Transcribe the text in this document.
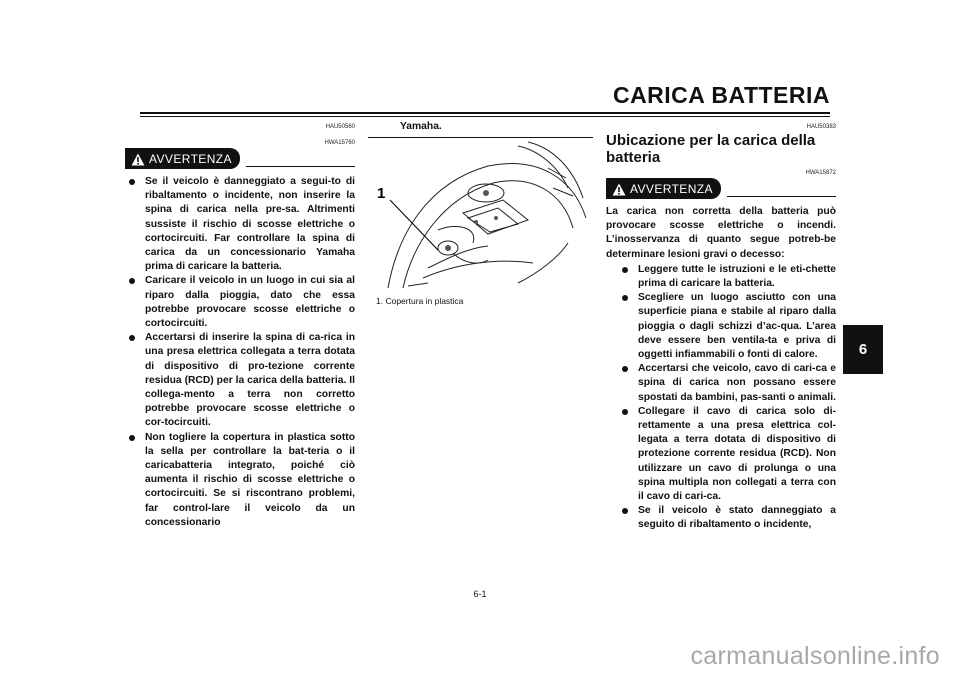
CARICA BATTERIA
6
HAU50560
HWA15760
AVVERTENZA
Se il veicolo è danneggiato a segui-to di ribaltamento o incidente, non inserire la spina di carica nella pre-sa. Altrimenti sussiste il rischio di scosse elettriche o cortocircuiti. Far controllare la spina di carica da un concessionario Yamaha prima di caricare la batteria.
Caricare il veicolo in un luogo in cui sia al riparo dalla pioggia, dato che essa potrebbe provocare scosse elettriche o cortocircuiti.
Accertarsi di inserire la spina di ca-rica in una presa elettrica collegata a terra dotata di dispositivo di pro-tezione corrente residua (RCD) per la carica della batteria. Il collega-mento a terra non corretto potrebbe provocare scosse elettriche o cor-tocircuiti.
Non togliere la copertura in plastica sotto la sella per controllare la bat-teria o il caricabatteria integrato, poiché ciò aumenta il rischio di scosse elettriche o cortocircuiti. Se si riscontrano problemi, far control-lare il veicolo da un concessionario
Yamaha.
1
1. Copertura in plastica
HAU50383
Ubicazione per la carica della batteria
HWA15872
AVVERTENZA

La carica non corretta della batteria può provocare scosse elettriche o incendi. L’inosservanza di quanto segue potreb-be determinare lesioni gravi o decesso:

Leggere tutte le istruzioni e le eti-chette prima di caricare la batteria.
Scegliere un luogo asciutto con una superficie piana e stabile al riparo dalla pioggia o dagli schizzi d’ac-qua. L’area deve essere ben ventila-ta e priva di oggetti infiammabili o fonti di calore.
Accertarsi che veicolo, cavo di cari-ca e spina di carica non possano essere spostati da bambini, pas-santi o animali.
Collegare il cavo di carica solo di-rettamente a una presa elettrica col-legata a terra dotata di dispositivo di protezione corrente residua (RCD). Non utilizzare un cavo di prolunga o una spina multipla non collegati a terra con il cavo di cari-ca.
Se il veicolo è stato danneggiato a seguito di ribaltamento o incidente,
6-1
carmanualsonline.info
